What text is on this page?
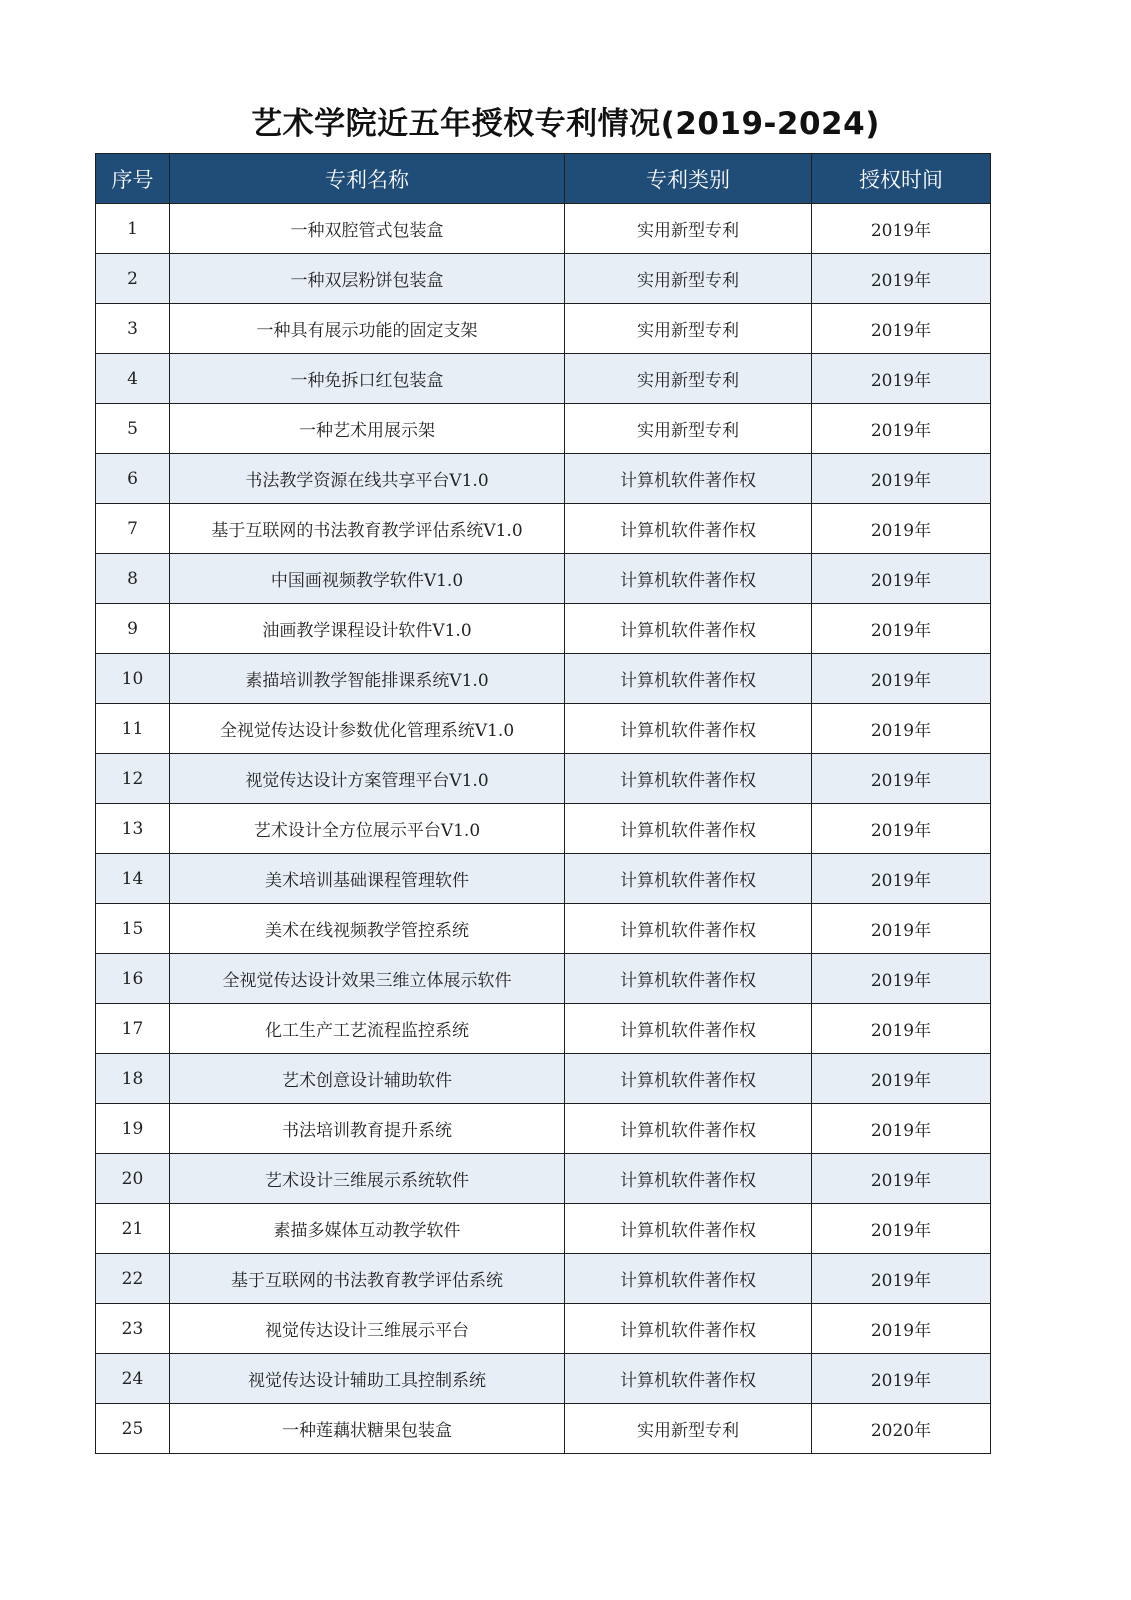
艺术学院近五年授权专利情况(2019-2024)
序号	专利名称	专利类别	授权时间
1	一种双腔管式包装盒	实用新型专利	2019年
2	一种双层粉饼包装盒	实用新型专利	2019年
3	一种具有展示功能的固定支架	实用新型专利	2019年
4	一种免拆口红包装盒	实用新型专利	2019年
5	一种艺术用展示架	实用新型专利	2019年
6	书法教学资源在线共享平台V1.0	计算机软件著作权	2019年
7	基于互联网的书法教育教学评估系统V1.0	计算机软件著作权	2019年
8	中国画视频教学软件V1.0	计算机软件著作权	2019年
9	油画教学课程设计软件V1.0	计算机软件著作权	2019年
10	素描培训教学智能排课系统V1.0	计算机软件著作权	2019年
11	全视觉传达设计参数优化管理系统V1.0	计算机软件著作权	2019年
12	视觉传达设计方案管理平台V1.0	计算机软件著作权	2019年
13	艺术设计全方位展示平台V1.0	计算机软件著作权	2019年
14	美术培训基础课程管理软件	计算机软件著作权	2019年
15	美术在线视频教学管控系统	计算机软件著作权	2019年
16	全视觉传达设计效果三维立体展示软件	计算机软件著作权	2019年
17	化工生产工艺流程监控系统	计算机软件著作权	2019年
18	艺术创意设计辅助软件	计算机软件著作权	2019年
19	书法培训教育提升系统	计算机软件著作权	2019年
20	艺术设计三维展示系统软件	计算机软件著作权	2019年
21	素描多媒体互动教学软件	计算机软件著作权	2019年
22	基于互联网的书法教育教学评估系统	计算机软件著作权	2019年
23	视觉传达设计三维展示平台	计算机软件著作权	2019年
24	视觉传达设计辅助工具控制系统	计算机软件著作权	2019年
25	一种莲藕状糖果包装盒	实用新型专利	2020年
